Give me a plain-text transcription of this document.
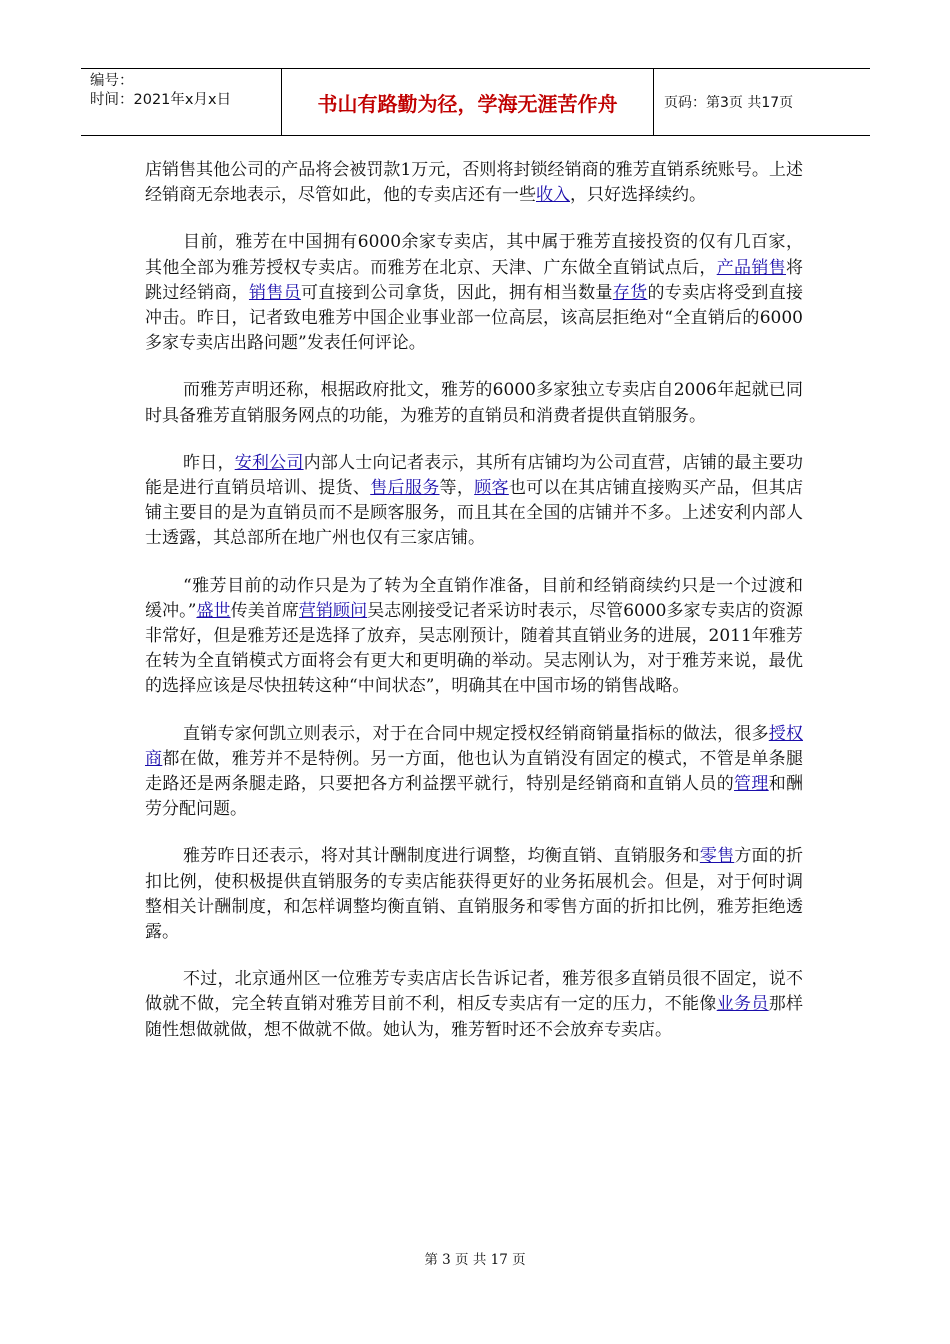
编号：
时间：2021年x月x日	书山有路勤为径，学海无涯苦作舟	页码：第3页 共17页

店销售其他公司的产品将会被罚款1万元，否则将封锁经销商的雅芳直销系统账号。上述经销商无奈地表示，尽管如此，他的专卖店还有一些收入，只好选择续约。

目前，雅芳在中国拥有6000余家专卖店，其中属于雅芳直接投资的仅有几百家，其他全部为雅芳授权专卖店。而雅芳在北京、天津、广东做全直销试点后，产品销售将跳过经销商，销售员可直接到公司拿货，因此，拥有相当数量存货的专卖店将受到直接冲击。昨日，记者致电雅芳中国企业事业部一位高层，该高层拒绝对“全直销后的6000多家专卖店出路问题”发表任何评论。

而雅芳声明还称，根据政府批文，雅芳的6000多家独立专卖店自2006年起就已同时具备雅芳直销服务网点的功能，为雅芳的直销员和消费者提供直销服务。

昨日，安利公司内部人士向记者表示，其所有店铺均为公司直营，店铺的最主要功能是进行直销员培训、提货、售后服务等，顾客也可以在其店铺直接购买产品，但其店铺主要目的是为直销员而不是顾客服务，而且其在全国的店铺并不多。上述安利内部人士透露，其总部所在地广州也仅有三家店铺。

“雅芳目前的动作只是为了转为全直销作准备，目前和经销商续约只是一个过渡和缓冲。”盛世传美首席营销顾问吴志刚接受记者采访时表示，尽管6000多家专卖店的资源非常好，但是雅芳还是选择了放弃，吴志刚预计，随着其直销业务的进展，2011年雅芳在转为全直销模式方面将会有更大和更明确的举动。吴志刚认为，对于雅芳来说，最优的选择应该是尽快扭转这种“中间状态”，明确其在中国市场的销售战略。

直销专家何凯立则表示，对于在合同中规定授权经销商销量指标的做法，很多授权商都在做，雅芳并不是特例。另一方面，他也认为直销没有固定的模式，不管是单条腿走路还是两条腿走路，只要把各方利益摆平就行，特别是经销商和直销人员的管理和酬劳分配问题。

雅芳昨日还表示，将对其计酬制度进行调整，均衡直销、直销服务和零售方面的折扣比例，使积极提供直销服务的专卖店能获得更好的业务拓展机会。但是，对于何时调整相关计酬制度，和怎样调整均衡直销、直销服务和零售方面的折扣比例，雅芳拒绝透露。

不过，北京通州区一位雅芳专卖店店长告诉记者，雅芳很多直销员很不固定，说不做就不做，完全转直销对雅芳目前不利，相反专卖店有一定的压力，不能像业务员那样随性想做就做，想不做就不做。她认为，雅芳暂时还不会放弃专卖店。

第 3 页 共 17 页
